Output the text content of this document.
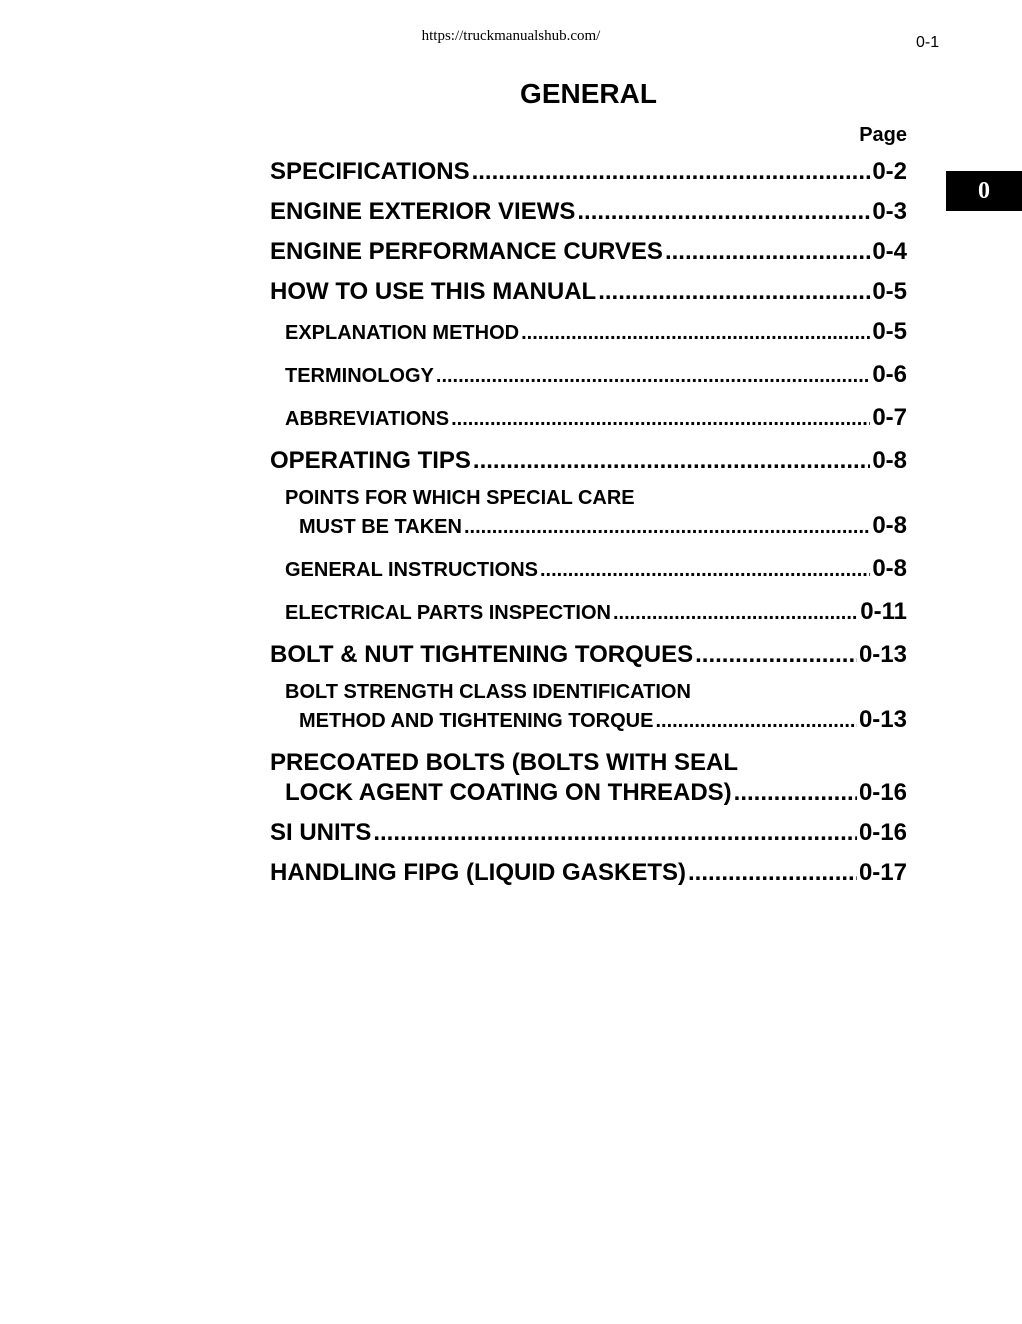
https://truckmanualshub.com/	0-1
GENERAL
Page
0
SPECIFICATIONS .....	0-2
ENGINE EXTERIOR VIEWS .....	0-3
ENGINE PERFORMANCE CURVES .....	0-4
HOW TO USE THIS MANUAL .....	0-5
EXPLANATION METHOD .....	0-5
TERMINOLOGY .....	0-6
ABBREVIATIONS .....	0-7
OPERATING TIPS .....	0-8
POINTS FOR WHICH SPECIAL CARE
MUST BE TAKEN .....	0-8
GENERAL INSTRUCTIONS .....	0-8
ELECTRICAL PARTS INSPECTION .....	0-11
BOLT & NUT TIGHTENING TORQUES .....	0-13
BOLT STRENGTH CLASS IDENTIFICATION
METHOD AND TIGHTENING TORQUE .....	0-13
PRECOATED BOLTS (BOLTS WITH SEAL
LOCK AGENT COATING ON THREADS) .....	0-16
SI UNITS .....	0-16
HANDLING FIPG (LIQUID GASKETS) .....	0-17
